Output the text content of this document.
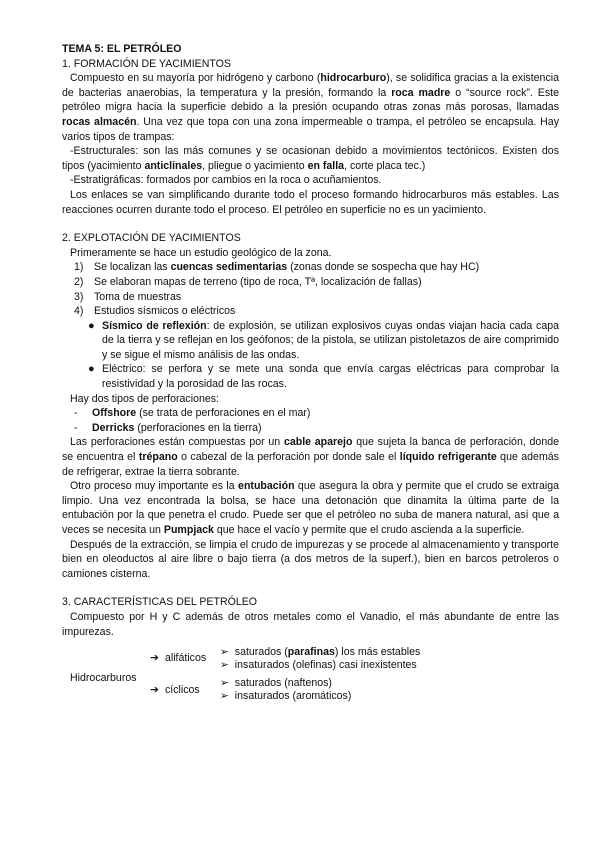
TEMA 5: EL PETRÓLEO

1. FORMACIÓN DE YACIMIENTOS

Compuesto en su mayoría por hidrógeno y carbono (hidrocarburo), se solidifica gracias a la existencia de bacterias anaerobias, la temperatura y la presión, formando la roca madre o “source rock”. Este petróleo migra hacia la superficie debido a la presión ocupando otras zonas más porosas, llamadas rocas almacén. Una vez que topa con una zona impermeable o trampa, el petróleo se encapsula. Hay varios tipos de trampas:

-Estructurales: son las más comunes y se ocasionan debido a movimientos tectónicos. Existen dos tipos (yacimiento anticlinales, pliegue o yacimiento en falla, corte placa tec.)

-Estratigráficas: formados por cambios en la roca o acuñamientos.

Los enlaces se van simplificando durante todo el proceso formando hidrocarburos más estables. Las reacciones ocurren durante todo el proceso. El petróleo en superficie no es un yacimiento.

2. EXPLOTACIÓN DE YACIMIENTOS

Primeramente se hace un estudio geológico de la zona.

1) Se localizan las cuencas sedimentarias (zonas donde se sospecha que hay HC)
2) Se elaboran mapas de terreno (tipo de roca, Tª, localización de fallas)
3) Toma de muestras
4) Estudios sísmicos o eléctricos
● Sísmico de reflexión: de explosión, se utilizan explosivos cuyas ondas viajan hacia cada capa de la tierra y se reflejan en los geófonos; de la pistola, se utilizan pistoletazos de aire comprimido y se sigue el mismo análisis de las ondas.
● Eléctrico: se perfora y se mete una sonda que envía cargas eléctricas para comprobar la resistividad y la porosidad de las rocas.

Hay dos tipos de perforaciones:

- Offshore (se trata de perforaciones en el mar)
- Derricks (perforaciones en la tierra)

Las perforaciones están compuestas por un cable aparejo que sujeta la banca de perforación, donde se encuentra el trépano o cabezal de la perforación por donde sale el líquido refrigerante que además de refrigerar, extrae la tierra sobrante.

Otro proceso muy importante es la entubación que asegura la obra y permite que el crudo se extraiga limpio. Una vez encontrada la bolsa, se hace una detonación que dinamita la última parte de la entubación por la que penetra el crudo. Puede ser que el petróleo no suba de manera natural, así que a veces se necesita un Pumpjack que hace el vacío y permite que el crudo ascienda a la superficie.

Después de la extracción, se limpia el crudo de impurezas y se procede al almacenamiento y transporte bien en oleoductos al aire libre o bajo tierra (a dos metros de la superf.), bien en barcos petroleros o camiones cisterna.

3. CARACTERÍSTICAS DEL PETRÓLEO

Compuesto por H y C además de otros metales como el Vanadio, el más abundante de entre las impurezas.

Hidrocarburos
➔ alifáticos
➔ cíclicos
➢ saturados (parafinas) los más estables
➢ insaturados (olefinas) casi inexistentes
➢ saturados (naftenos)
➢ insaturados (aromáticos)
